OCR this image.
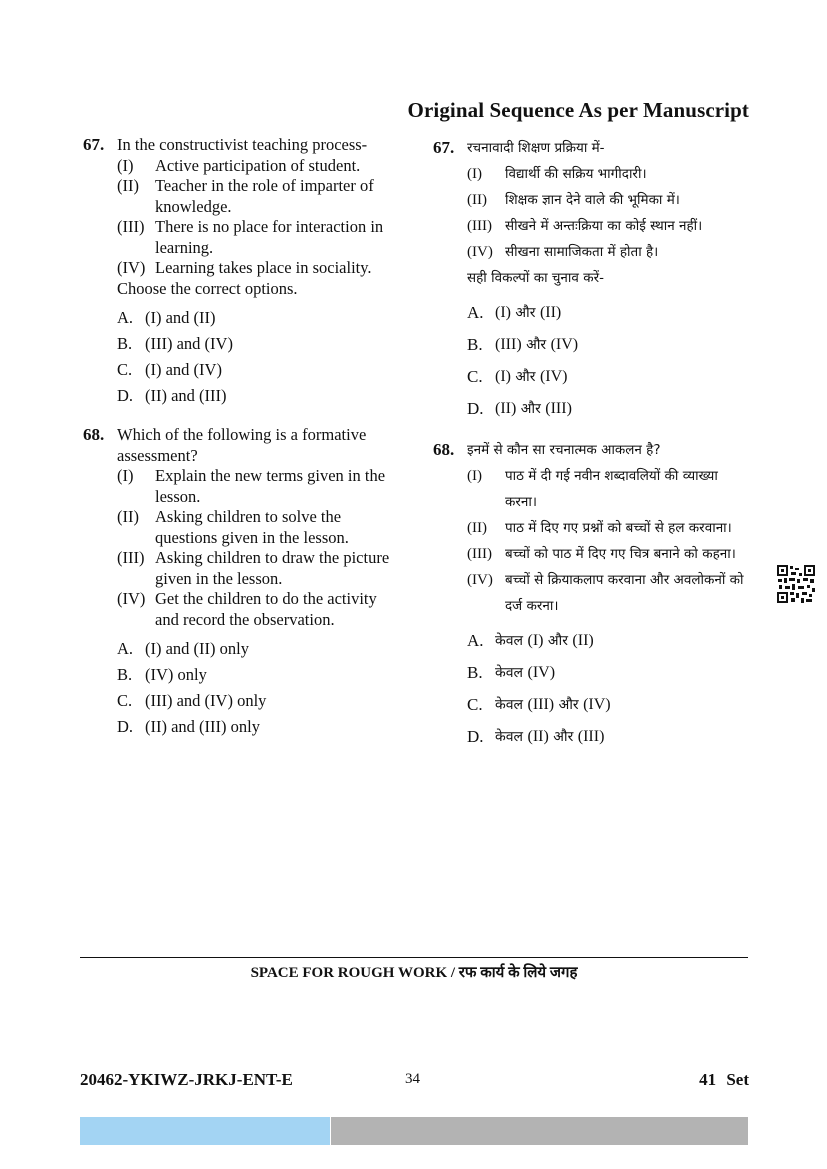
Original Sequence As per Manuscript
67. In the constructivist teaching process-
(I) Active participation of student.
(II) Teacher in the role of imparter of knowledge.
(III) There is no place for interaction in learning.
(IV) Learning takes place in sociality.
Choose the correct options.
A. (I) and (II)
B. (III) and (IV)
C. (I) and (IV)
D. (II) and (III)
68. Which of the following is a formative assessment?
(I) Explain the new terms given in the lesson.
(II) Asking children to solve the questions given in the lesson.
(III) Asking children to draw the picture given in the lesson.
(IV) Get the children to do the activity and record the observation.
A. (I) and (II) only
B. (IV) only
C. (III) and (IV) only
D. (II) and (III) only
67. रचनावादी शिक्षण प्रक्रिया में-
(I) विद्यार्थी की सक्रिय भागीदारी।
(II) शिक्षक ज्ञान देने वाले की भूमिका में।
(III) सीखने में अन्तःक्रिया का कोई स्थान नहीं।
(IV) सीखना सामाजिकता में होता है।
सही विकल्पों का चुनाव करें-
A. (I) और (II)
B. (III) और (IV)
C. (I) और (IV)
D. (II) और (III)
68. इनमें से कौन सा रचनात्मक आकलन है?
(I) पाठ में दी गई नवीन शब्दावलियों की व्याख्या करना।
(II) पाठ में दिए गए प्रश्नों को बच्चों से हल करवाना।
(III) बच्चों को पाठ में दिए गए चित्र बनाने को कहना।
(IV) बच्चों से क्रियाकलाप करवाना और अवलोकनों को दर्ज करना।
A. केवल (I) और (II)
B. केवल (IV)
C. केवल (III) और (IV)
D. केवल (II) और (III)
SPACE FOR ROUGH WORK / रफ कार्य के लिये जगह
20462-YKIWZ-JRKJ-ENT-E	34	41 Set
